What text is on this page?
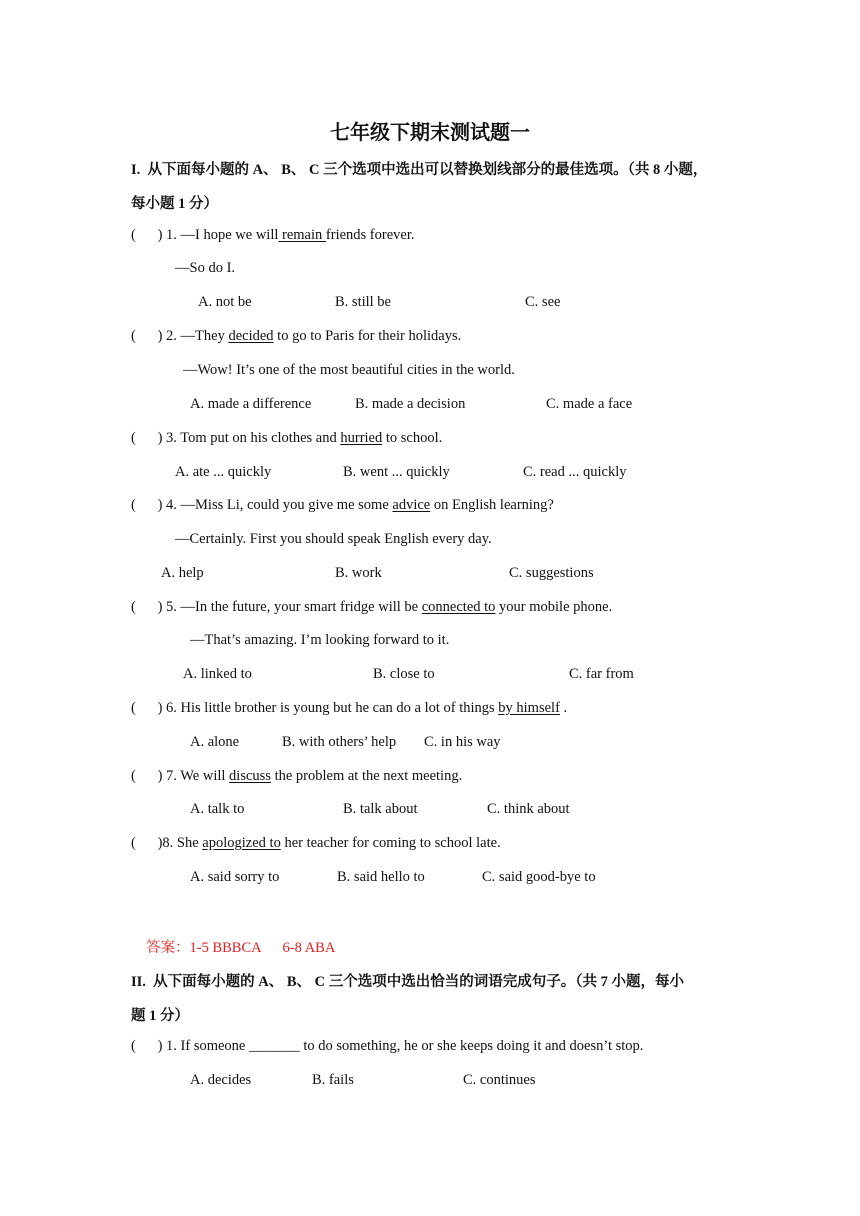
七年级下期末测试题一
I.  从下面每小题的 A、 B、 C 三个选项中选出可以替换划线部分的最佳选项。（共 8 小题，
每小题 1 分）
(      ) 1. —I hope we will remain friends forever.
—So do I.
A. not be	B. still be	C. see
(      ) 2. —They decided to go to Paris for their holidays.
—Wow! It’s one of the most beautiful cities in the world.
A. made a difference	B. made a decision	C. made a face
(      ) 3. Tom put on his clothes and hurried to school.
A. ate ... quickly	B. went ... quickly	C. read ... quickly
(      ) 4. —Miss Li, could you give me some advice on English learning?
—Certainly. First you should speak English every day.
A. help	B. work	C. suggestions
(      ) 5. —In the future, your smart fridge will be connected to your mobile phone.
—That’s amazing. I’m looking forward to it.
A. linked to	B. close to	C. far from
(      ) 6. His little brother is young but he can do a lot of things by himself .
A. alone	B. with others’ help C. in his way
(      ) 7. We will discuss the problem at the next meeting.
A. talk to	B. talk about	C. think about
(      )8. She apologized to her teacher for coming to school late.
A. said sorry to	B. said hello to	C. said good-bye to
答案：1-5 BBBCA      6-8 ABA
II.  从下面每小题的 A、 B、 C 三个选项中选出恰当的词语完成句子。（共 7 小题，每小
题 1 分）
(      ) 1. If someone _______ to do something, he or she keeps doing it and doesn’t stop.
A. decides	B. fails	C. continues
